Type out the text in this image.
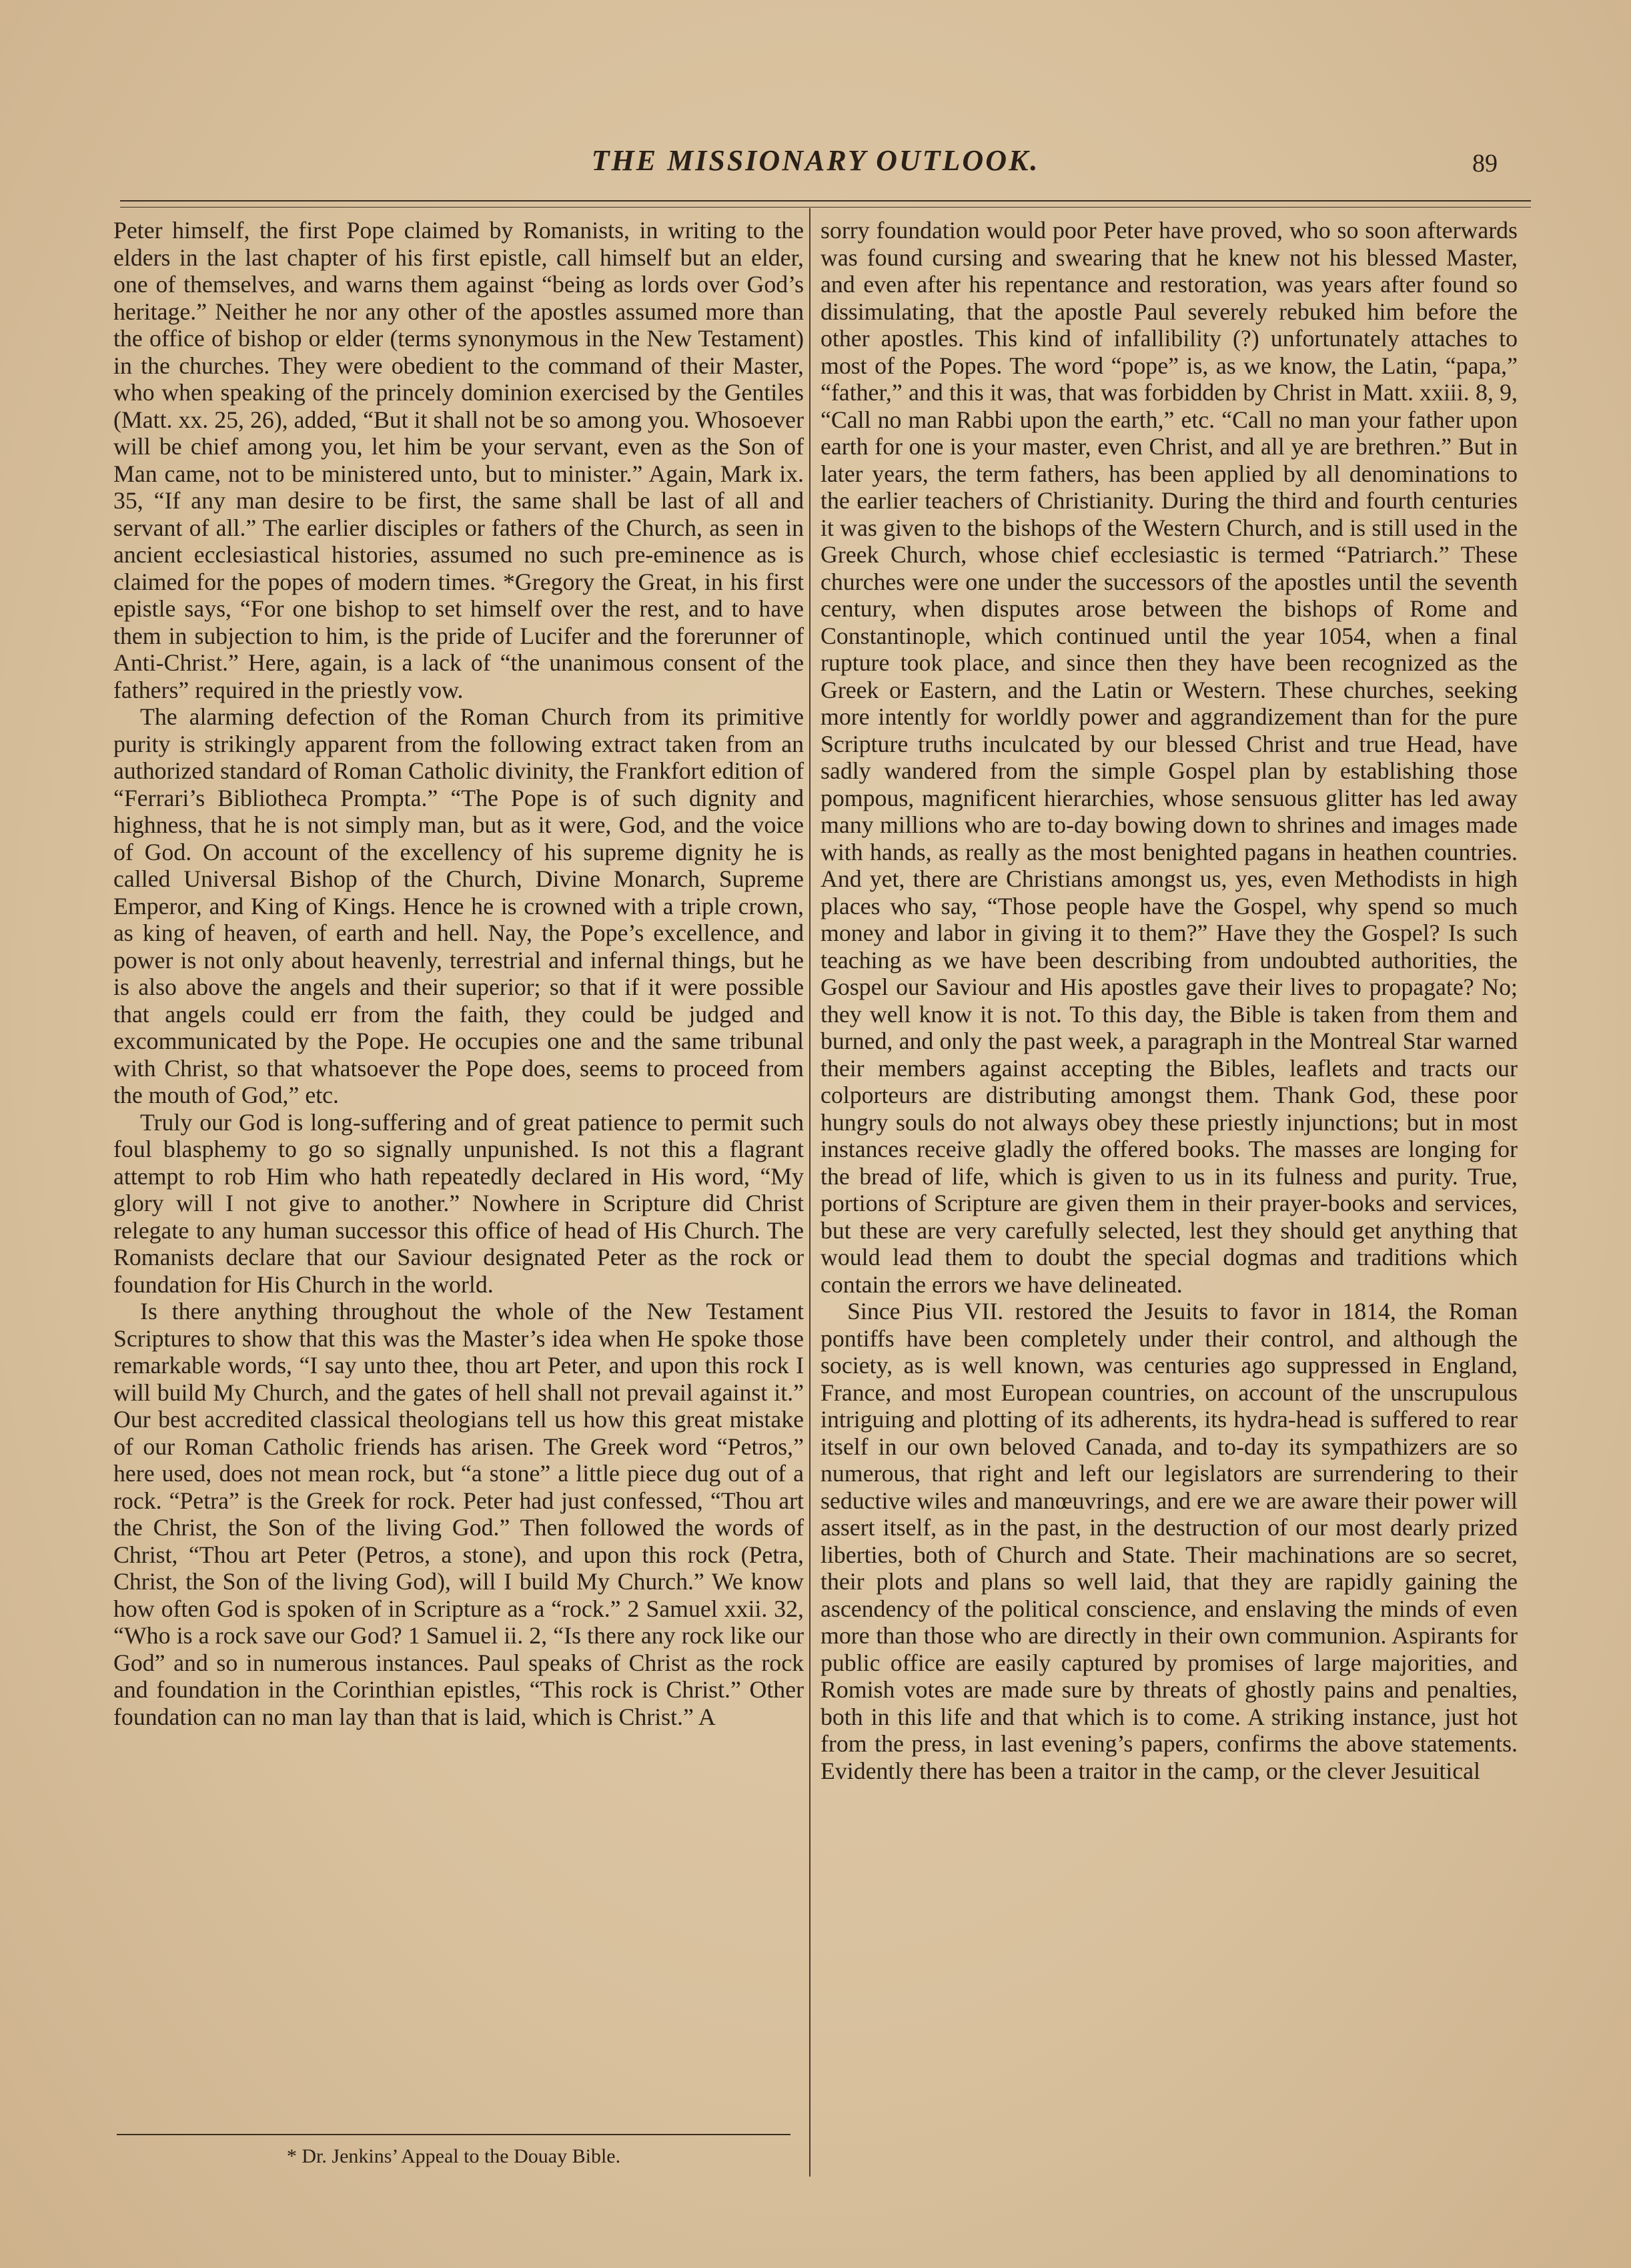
THE MISSIONARY OUTLOOK.	89

Peter himself, the first Pope claimed by Romanists, in writing to the elders in the last chapter of his first epistle, call himself but an elder, one of themselves, and warns them against “being as lords over God’s heritage.” Neither he nor any other of the apostles assumed more than the office of bishop or elder (terms synonymous in the New Testament) in the churches. They were obedient to the command of their Master, who when speaking of the princely dominion exercised by the Gentiles (Matt. xx. 25, 26), added, “But it shall not be so among you. Whosoever will be chief among you, let him be your servant, even as the Son of Man came, not to be ministered unto, but to minister.” Again, Mark ix. 35, “If any man desire to be first, the same shall be last of all and servant of all.” The earlier disciples or fathers of the Church, as seen in ancient ecclesiastical histories, assumed no such pre-eminence as is claimed for the popes of modern times. *Gregory the Great, in his first epistle says, “For one bishop to set himself over the rest, and to have them in subjection to him, is the pride of Lucifer and the forerunner of Anti-Christ.” Here, again, is a lack of “the unanimous consent of the fathers” required in the priestly vow.

The alarming defection of the Roman Church from its primitive purity is strikingly apparent from the following extract taken from an authorized standard of Roman Catholic divinity, the Frankfort edition of “Ferrari’s Bibliotheca Prompta.” “The Pope is of such dignity and highness, that he is not simply man, but as it were, God, and the voice of God. On account of the excellency of his supreme dignity he is called Universal Bishop of the Church, Divine Monarch, Supreme Emperor, and King of Kings. Hence he is crowned with a triple crown, as king of heaven, of earth and hell. Nay, the Pope’s excellence, and power is not only about heavenly, terrestrial and infernal things, but he is also above the angels and their superior; so that if it were possible that angels could err from the faith, they could be judged and excommunicated by the Pope. He occupies one and the same tribunal with Christ, so that whatsoever the Pope does, seems to proceed from the mouth of God,” etc.

Truly our God is long-suffering and of great patience to permit such foul blasphemy to go so signally unpunished. Is not this a flagrant attempt to rob Him who hath repeatedly declared in His word, “My glory will I not give to another.” Nowhere in Scripture did Christ relegate to any human successor this office of head of His Church. The Romanists declare that our Saviour designated Peter as the rock or foundation for His Church in the world.

Is there anything throughout the whole of the New Testament Scriptures to show that this was the Master’s idea when He spoke those remarkable words, “I say unto thee, thou art Peter, and upon this rock I will build My Church, and the gates of hell shall not prevail against it.” Our best accredited classical theologians tell us how this great mistake of our Roman Catholic friends has arisen. The Greek word “Petros,” here used, does not mean rock, but “a stone” a little piece dug out of a rock. “Petra” is the Greek for rock. Peter had just confessed, “Thou art the Christ, the Son of the living God.” Then followed the words of Christ, “Thou art Peter (Petros, a stone), and upon this rock (Petra, Christ, the Son of the living God), will I build My Church.” We know how often God is spoken of in Scripture as a “rock.” 2 Samuel xxii. 32, “Who is a rock save our God? 1 Samuel ii. 2, “Is there any rock like our God” and so in numerous instances. Paul speaks of Christ as the rock and foundation in the Corinthian epistles, “This rock is Christ.” Other foundation can no man lay than that is laid, which is Christ.” A

sorry foundation would poor Peter have proved, who so soon afterwards was found cursing and swearing that he knew not his blessed Master, and even after his repentance and restoration, was years after found so dissimulating, that the apostle Paul severely rebuked him before the other apostles. This kind of infallibility (?) unfortunately attaches to most of the Popes. The word “pope” is, as we know, the Latin, “papa,” “father,” and this it was, that was forbidden by Christ in Matt. xxiii. 8, 9, “Call no man Rabbi upon the earth,” etc. “Call no man your father upon earth for one is your master, even Christ, and all ye are brethren.” But in later years, the term fathers, has been applied by all denominations to the earlier teachers of Christianity. During the third and fourth centuries it was given to the bishops of the Western Church, and is still used in the Greek Church, whose chief ecclesiastic is termed “Patriarch.” These churches were one under the successors of the apostles until the seventh century, when disputes arose between the bishops of Rome and Constantinople, which continued until the year 1054, when a final rupture took place, and since then they have been recognized as the Greek or Eastern, and the Latin or Western. These churches, seeking more intently for worldly power and aggrandizement than for the pure Scripture truths inculcated by our blessed Christ and true Head, have sadly wandered from the simple Gospel plan by establishing those pompous, magnificent hierarchies, whose sensuous glitter has led away many millions who are to-day bowing down to shrines and images made with hands, as really as the most benighted pagans in heathen countries. And yet, there are Christians amongst us, yes, even Methodists in high places who say, “Those people have the Gospel, why spend so much money and labor in giving it to them?” Have they the Gospel? Is such teaching as we have been describing from undoubted authorities, the Gospel our Saviour and His apostles gave their lives to propagate? No; they well know it is not. To this day, the Bible is taken from them and burned, and only the past week, a paragraph in the Montreal Star warned their members against accepting the Bibles, leaflets and tracts our colporteurs are distributing amongst them. Thank God, these poor hungry souls do not always obey these priestly injunctions; but in most instances receive gladly the offered books. The masses are longing for the bread of life, which is given to us in its fulness and purity. True, portions of Scripture are given them in their prayer-books and services, but these are very carefully selected, lest they should get anything that would lead them to doubt the special dogmas and traditions which contain the errors we have delineated.

Since Pius VII. restored the Jesuits to favor in 1814, the Roman pontiffs have been completely under their control, and although the society, as is well known, was centuries ago suppressed in England, France, and most European countries, on account of the unscrupulous intriguing and plotting of its adherents, its hydra-head is suffered to rear itself in our own beloved Canada, and to-day its sympathizers are so numerous, that right and left our legislators are surrendering to their seductive wiles and manœuvrings, and ere we are aware their power will assert itself, as in the past, in the destruction of our most dearly prized liberties, both of Church and State. Their machinations are so secret, their plots and plans so well laid, that they are rapidly gaining the ascendency of the political conscience, and enslaving the minds of even more than those who are directly in their own communion. Aspirants for public office are easily captured by promises of large majorities, and Romish votes are made sure by threats of ghostly pains and penalties, both in this life and that which is to come. A striking instance, just hot from the press, in last evening’s papers, confirms the above statements. Evidently there has been a traitor in the camp, or the clever Jesuitical

* Dr. Jenkins’ Appeal to the Douay Bible.
